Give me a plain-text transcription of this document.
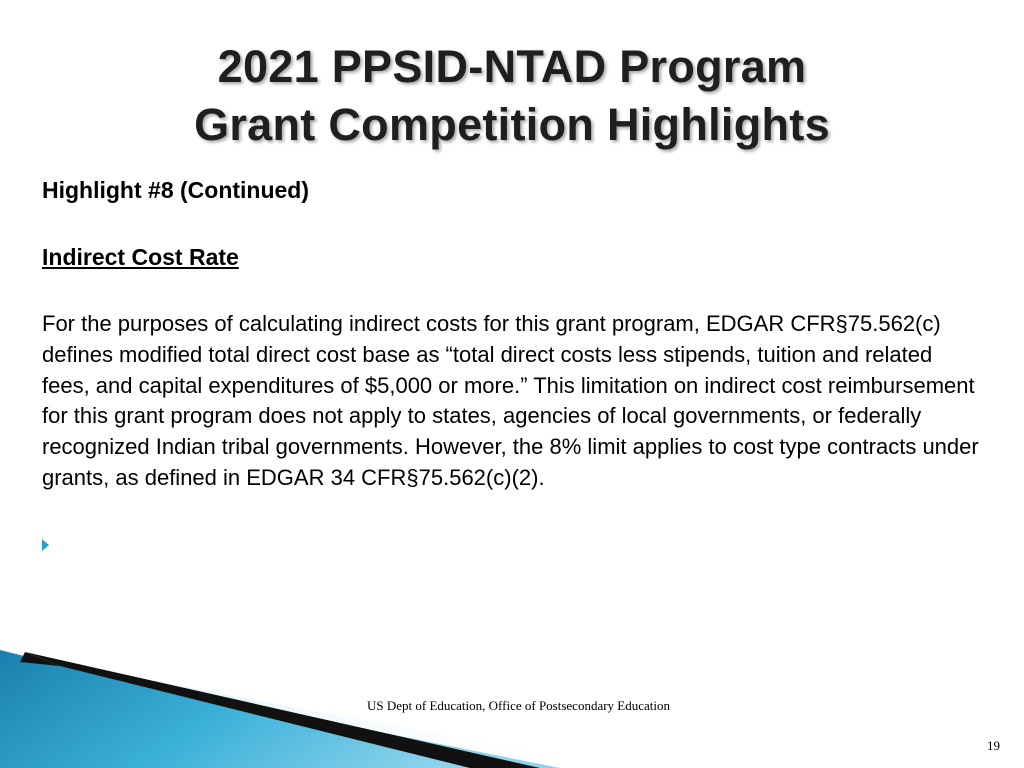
2021 PPSID-NTAD Program
Grant Competition Highlights

Highlight #8 (Continued)

Indirect Cost Rate

For the purposes of calculating indirect costs for this grant program, EDGAR CFR§75.562(c) defines modified total direct cost base as “total direct costs less stipends, tuition and related fees, and capital expenditures of $5,000 or more.” This limitation on indirect cost reimbursement for this grant program does not apply to states, agencies of local governments, or federally recognized Indian tribal governments. However, the 8% limit applies to cost type contracts under grants, as defined in EDGAR 34 CFR§75.562(c)(2).

US Dept of Education, Office of Postsecondary Education
19
